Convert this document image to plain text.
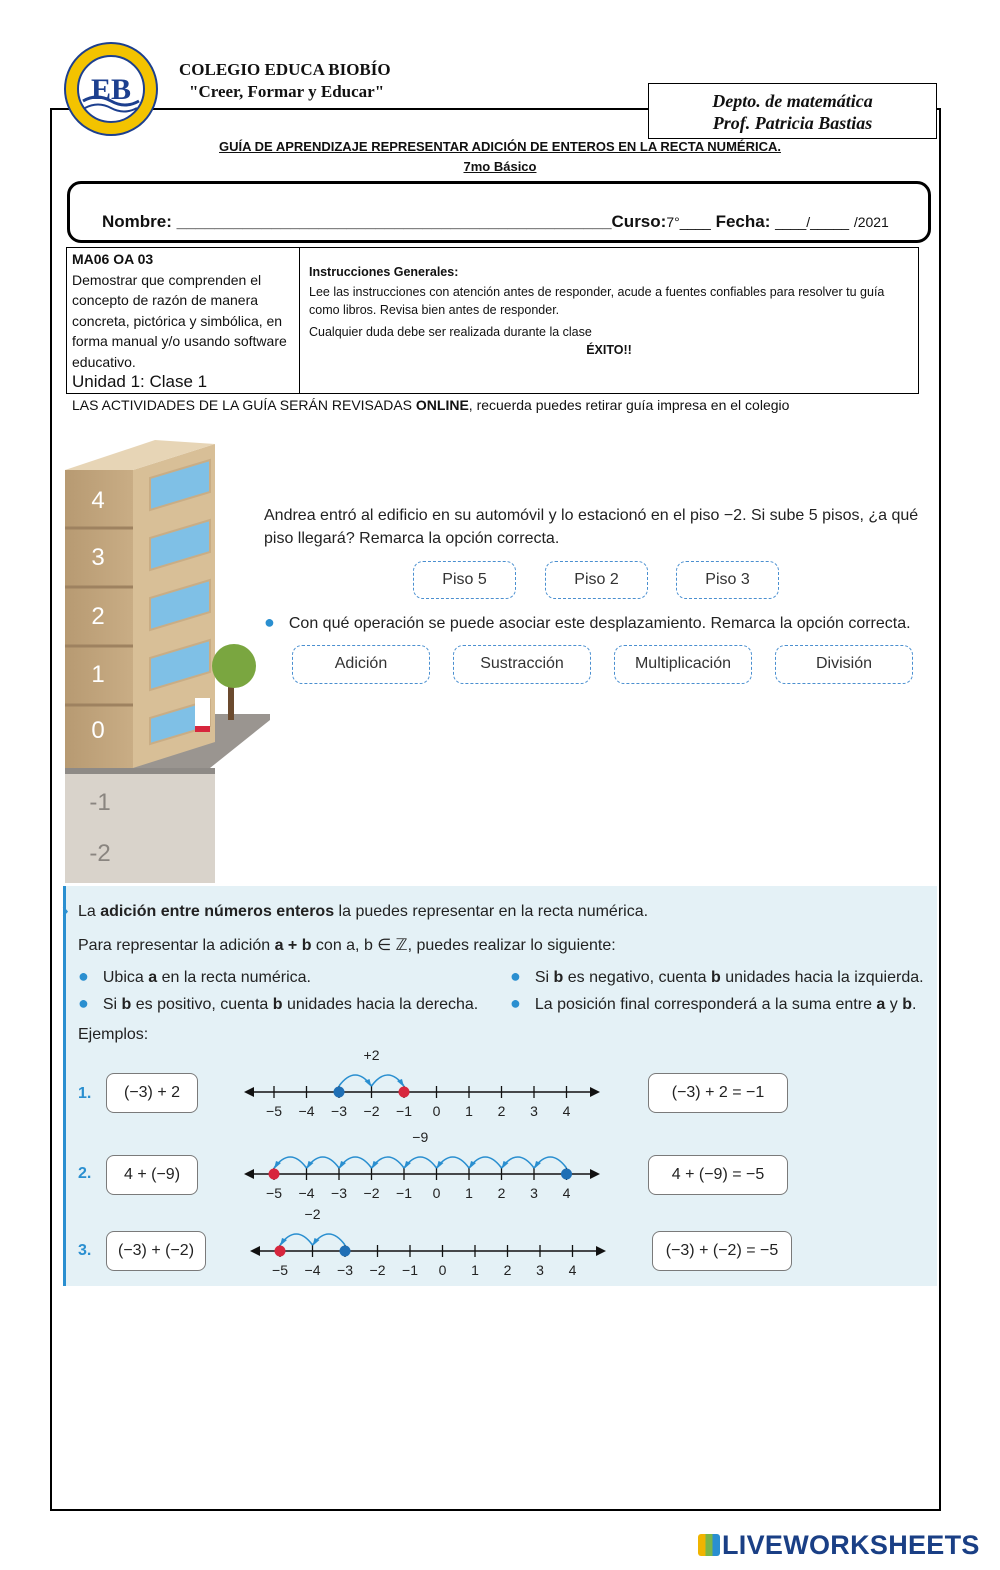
EB
COLEGIO EDUCA BIOBÍO
"Creer, Formar y Educar"	Depto. de matemática
Prof. Patricia Bastias
GUÍA DE APRENDIZAJE REPRESENTAR ADICIÓN DE ENTEROS EN LA RECTA NUMÉRICA.
7mo Básico
Nombre: ______________________________________________Curso:7°____ Fecha: ____/_____ /2021
MA06 OA 03
Demostrar que comprenden el concepto de razón de manera concreta, pictórica y simbólica, en forma manual y/o usando software educativo.
Unidad 1: Clase 1
Instrucciones Generales:
Lee las instrucciones con atención antes de responder, acude a fuentes confiables para resolver tu guía como libros. Revisa bien antes de responder.
Cualquier duda debe ser realizada durante la clase
ÉXITO!!
LAS ACTIVIDADES DE LA GUÍA SERÁN REVISADAS ONLINE, recuerda puedes retirar guía impresa en el colegio
4
3
2
1
0
-1
-2
Andrea entró al edificio en su automóvil y lo estacionó en el piso −2. Si sube 5 pisos, ¿a qué piso llegará? Remarca la opción correcta.
Piso 5	Piso 2	Piso 3
● Con qué operación se puede asociar este desplazamiento. Remarca la opción correcta.
Adición	Sustracción	Multiplicación	División
› La adición entre números enteros la puedes representar en la recta numérica.
Para representar la adición a + b con a, b ∈ ℤ, puedes realizar lo siguiente:
● Ubica a en la recta numérica.
● Si b es positivo, cuenta b unidades hacia la derecha.
● Si b es negativo, cuenta b unidades hacia la izquierda.
● La posición final corresponderá a la suma entre a y b.
Ejemplos:
1.	(−3) + 2
−5 −4 −3 −2 −1 0 1 2 3 4
+2
(−3) + 2 = −1
2.	4 + (−9)
−5 −4 −3 −2 −1 0 1 2 3 4
−9
4 + (−9) = −5
3.	(−3) + (−2)
−5 −4 −3 −2 −1 0 1 2 3 4
−2
(−3) + (−2) = −5
LIVEWORKSHEETS
